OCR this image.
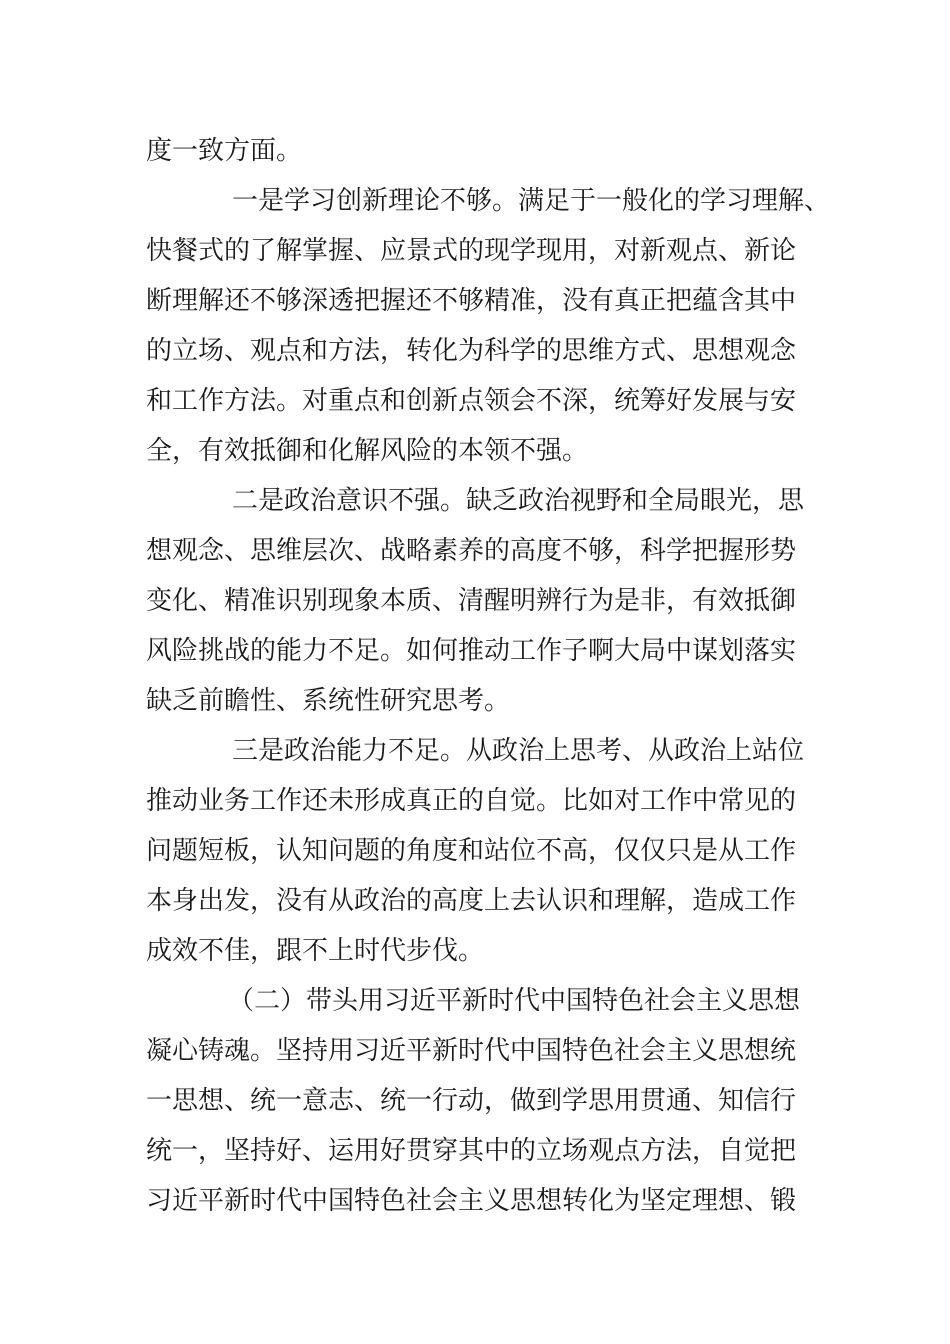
度一致方面。
一是学习创新理论不够。满足于一般化的学习理解、
快餐式的了解掌握、应景式的现学现用，对新观点、新论
断理解还不够深透把握还不够精准，没有真正把蕴含其中
的立场、观点和方法，转化为科学的思维方式、思想观念
和工作方法。对重点和创新点领会不深，统筹好发展与安
全，有效抵御和化解风险的本领不强。
二是政治意识不强。缺乏政治视野和全局眼光，思
想观念、思维层次、战略素养的高度不够，科学把握形势
变化、精准识别现象本质、清醒明辨行为是非，有效抵御
风险挑战的能力不足。如何推动工作子啊大局中谋划落实
缺乏前瞻性、系统性研究思考。
三是政治能力不足。从政治上思考、从政治上站位
推动业务工作还未形成真正的自觉。比如对工作中常见的
问题短板，认知问题的角度和站位不高，仅仅只是从工作
本身出发，没有从政治的高度上去认识和理解，造成工作
成效不佳，跟不上时代步伐。
（二）带头用习近平新时代中国特色社会主义思想
凝心铸魂。坚持用习近平新时代中国特色社会主义思想统
一思想、统一意志、统一行动，做到学思用贯通、知信行
统一，坚持好、运用好贯穿其中的立场观点方法，自觉把
习近平新时代中国特色社会主义思想转化为坚定理想、锻
